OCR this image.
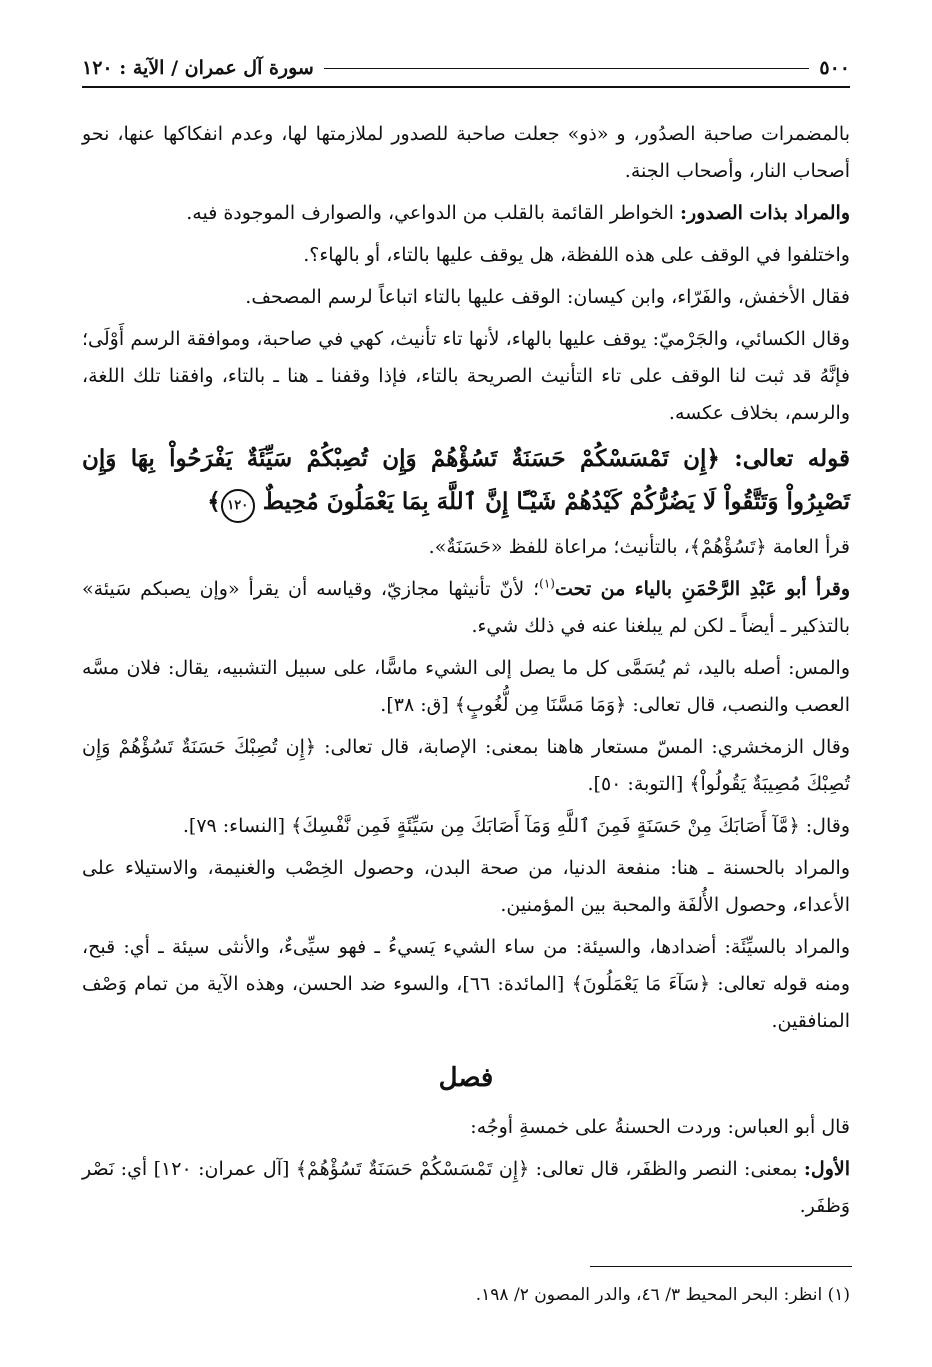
٥٠٠
سورة آل عمران / الآية : ١٢٠

بالمضمرات صاحبة الصدُور، و «ذو» جعلت صاحبة للصدور لملازمتها لها، وعدم انفكاكها عنها، نحو أصحاب النار، وأصحاب الجنة.

والمراد بذات الصدور: الخواطر القائمة بالقلب من الدواعي، والصوارف الموجودة فيه.

واختلفوا في الوقف على هذه اللفظة، هل يوقف عليها بالتاء، أو بالهاء؟.

فقال الأخفش، والفَرّاء، وابن كيسان: الوقف عليها بالتاء اتباعاً لرسم المصحف.

وقال الكسائي، والجَرْميّ: يوقف عليها بالهاء، لأنها تاء تأنيث، كهي في صاحبة، وموافقة الرسم أَوْلَى؛ فإنَّهُ قد ثبت لنا الوقف على تاء التأنيث الصريحة بالتاء، فإذا وقفنا ـ هنا ـ بالتاء، وافقنا تلك اللغة، والرسم، بخلاف عكسه.

قوله تعالى: ﴿إِن تَمْسَسْكُمْ حَسَنَةٌ تَسُؤْهُمْ وَإِن تُصِبْكُمْ سَيِّئَةٌ يَفْرَحُواْ بِهَا وَإِن تَصْبِرُواْ وَتَتَّقُواْ لَا يَضُرُّكُمْ كَيْدُهُمْ شَيْـًٔا إِنَّ ٱللَّهَ بِمَا يَعْمَلُونَ مُحِيطٌ ١٢٠﴾

قرأ العامة ﴿تَسُؤْهُمْ﴾، بالتأنيث؛ مراعاة للفظ «حَسَنَةٌ».

وقرأ أبو عَبْدِ الرَّحْمَنِ بالياء من تحت$^{(١)}$؛ لأنّ تأنيثها مجازيّ، وقياسه أن يقرأ «وإن يصبكم سَيئة» بالتذكير ـ أيضاً ـ لكن لم يبلغنا عنه في ذلك شيء.

والمس: أصله باليد، ثم يُسَمَّى كل ما يصل إلى الشيء ماسًّا، على سبيل التشبيه، يقال: فلان مسَّه العصب والنصب، قال تعالى: ﴿وَمَا مَسَّنَا مِن لُّغُوبٍ﴾ [ق: ٣٨].

وقال الزمخشري: المسّ مستعار هاهنا بمعنى: الإصابة، قال تعالى: ﴿إِن تُصِبْكَ حَسَنَةٌ تَسُؤْهُمْ وَإِن تُصِبْكَ مُصِيبَةٌ يَقُولُواْ﴾ [التوبة: ٥٠].

وقال: ﴿مَّآ أَصَابَكَ مِنْ حَسَنَةٍ فَمِنَ ٱللَّهِ وَمَآ أَصَابَكَ مِن سَيِّئَةٍ فَمِن نَّفْسِكَ﴾ [النساء: ٧٩].

والمراد بالحسنة ـ هنا: منفعة الدنيا، من صحة البدن، وحصول الخِصْب والغنيمة، والاستيلاء على الأعداء، وحصول الأُلفَة والمحبة بين المؤمنين.

والمراد بالسيِّئَة: أضدادها، والسيئة: من ساء الشيء يَسيءُ ـ فهو سيِّىءٌ، والأنثى سيئة ـ أي: قبح، ومنه قوله تعالى: ﴿سَآءَ مَا يَعْمَلُونَ﴾ [المائدة: ٦٦]، والسوء ضد الحسن، وهذه الآية من تمام وَصْف المنافقين.

فصل

قال أبو العباس: وردت الحسنةُ على خمسةِ أوجُه:

الأول: بمعنى: النصر والظفَر، قال تعالى: ﴿إِن تَمْسَسْكُمْ حَسَنَةٌ تَسُؤْهُمْ﴾ [آل عمران: ١٢٠] أي: نَصْر وَظفَر.

(١) انظر: البحر المحيط ٣/ ٤٦، والدر المصون ٢/ ١٩٨.
